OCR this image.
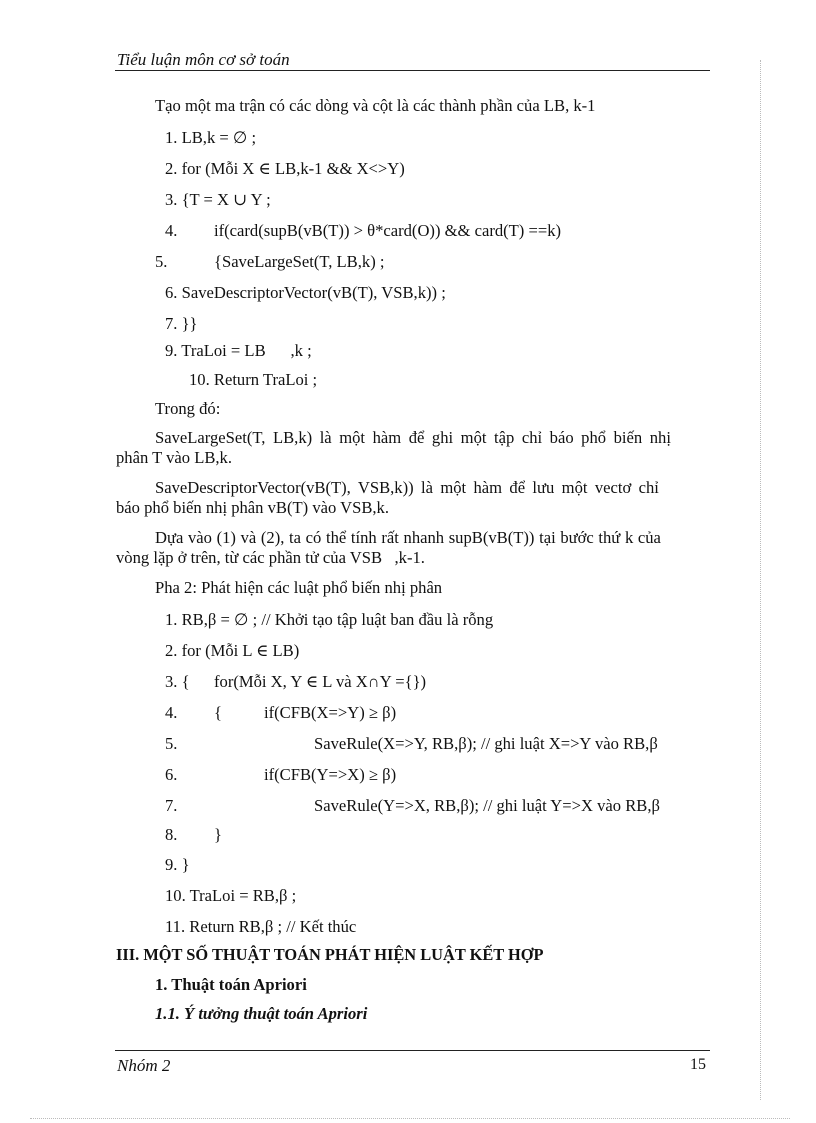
Tiểu luận môn cơ sở toán
Tạo một ma trận có các dòng và cột là các thành phần của LB, k-1
1. LB,k = ∅ ;
2. for (Mỗi X ∈ LB,k-1 && X<>Y)
3. {T = X ∪ Y ;
4. if(card(supB(vB(T)) > θ*card(O)) && card(T) ==k)
5.	{SaveLargeSet(T, LB,k) ;
6. SaveDescriptorVector(vB(T), VSB,k)) ;
7. }}
9. TraLoi = LB      ,k ;
10. Return TraLoi ;
Trong đó:
SaveLargeSet(T, LB,k) là một hàm để ghi một tập chỉ báo phổ biến nhị
phân T vào LB,k.
SaveDescriptorVector(vB(T), VSB,k)) là một hàm để lưu một vectơ chỉ
báo phổ biến nhị phân vB(T) vào VSB,k.
Dựa vào (1) và (2), ta có thể tính rất nhanh supB(vB(T)) tại bước thứ k của
vòng lặp ở trên, từ các phần tử của VSB   ,k-1.
Pha 2: Phát hiện các luật phổ biến nhị phân
1. RB,β = ∅ ; // Khởi tạo tập luật ban đầu là rỗng
2. for (Mỗi L ∈ LB)
3. { for(Mỗi X, Y ∈ L và X∩Y ={})
4. {	if(CFB(X=>Y) ≥ β)
5.	SaveRule(X=>Y, RB,β); // ghi luật X=>Y vào RB,β
6.	if(CFB(Y=>X) ≥ β)
7.	SaveRule(Y=>X, RB,β); // ghi luật Y=>X vào RB,β
8. }
9. }
10. TraLoi = RB,β ;
11. Return RB,β ; // Kết thúc
III. MỘT SỐ THUẬT TOÁN PHÁT HIỆN LUẬT KẾT HỢP
1. Thuật toán Apriori
1.1. Ý tưởng thuật toán Apriori
Nhóm 2	15
